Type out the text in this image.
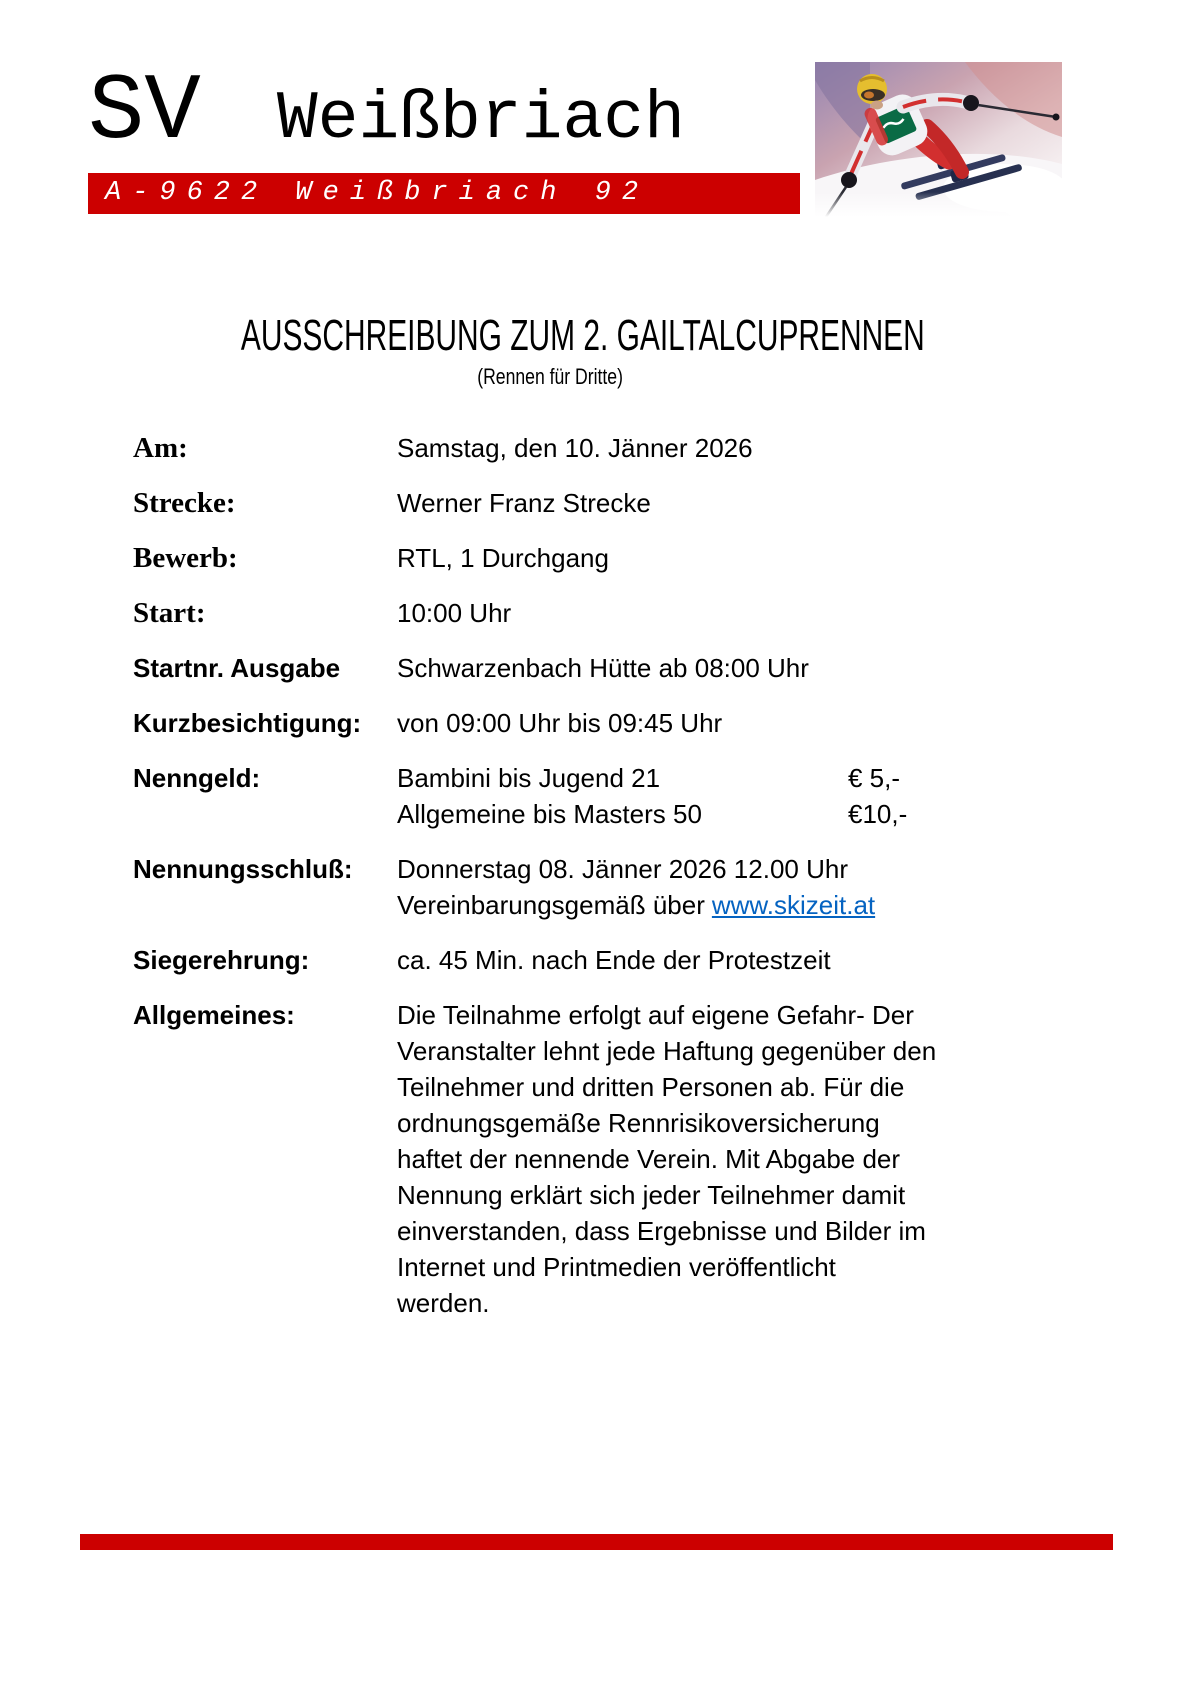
SV Weißbriach
A-9622 Weißbriach 92
AUSSCHREIBUNG ZUM 2. GAILTALCUPRENNEN
(Rennen für Dritte)
Am:	Samstag, den 10. Jänner 2026
Strecke:	Werner Franz Strecke
Bewerb:	RTL, 1 Durchgang
Start:	10:00 Uhr
Startnr. Ausgabe	Schwarzenbach Hütte ab 08:00 Uhr
Kurzbesichtigung:	von 09:00 Uhr bis 09:45 Uhr
Nenngeld:	Bambini bis Jugend 21	€ 5,-
Allgemeine bis Masters 50	€10,-
Nennungsschluß:	Donnerstag 08. Jänner 2026 12.00 Uhr
Vereinbarungsgemäß über www.skizeit.at
Siegerehrung:	ca. 45 Min. nach Ende der Protestzeit
Allgemeines:	Die Teilnahme erfolgt auf eigene Gefahr- Der
Veranstalter lehnt jede Haftung gegenüber den
Teilnehmer und dritten Personen ab. Für die
ordnungsgemäße Rennrisikoversicherung
haftet der nennende Verein. Mit Abgabe der
Nennung erklärt sich jeder Teilnehmer damit
einverstanden, dass Ergebnisse und Bilder im
Internet und Printmedien veröffentlicht
werden.
